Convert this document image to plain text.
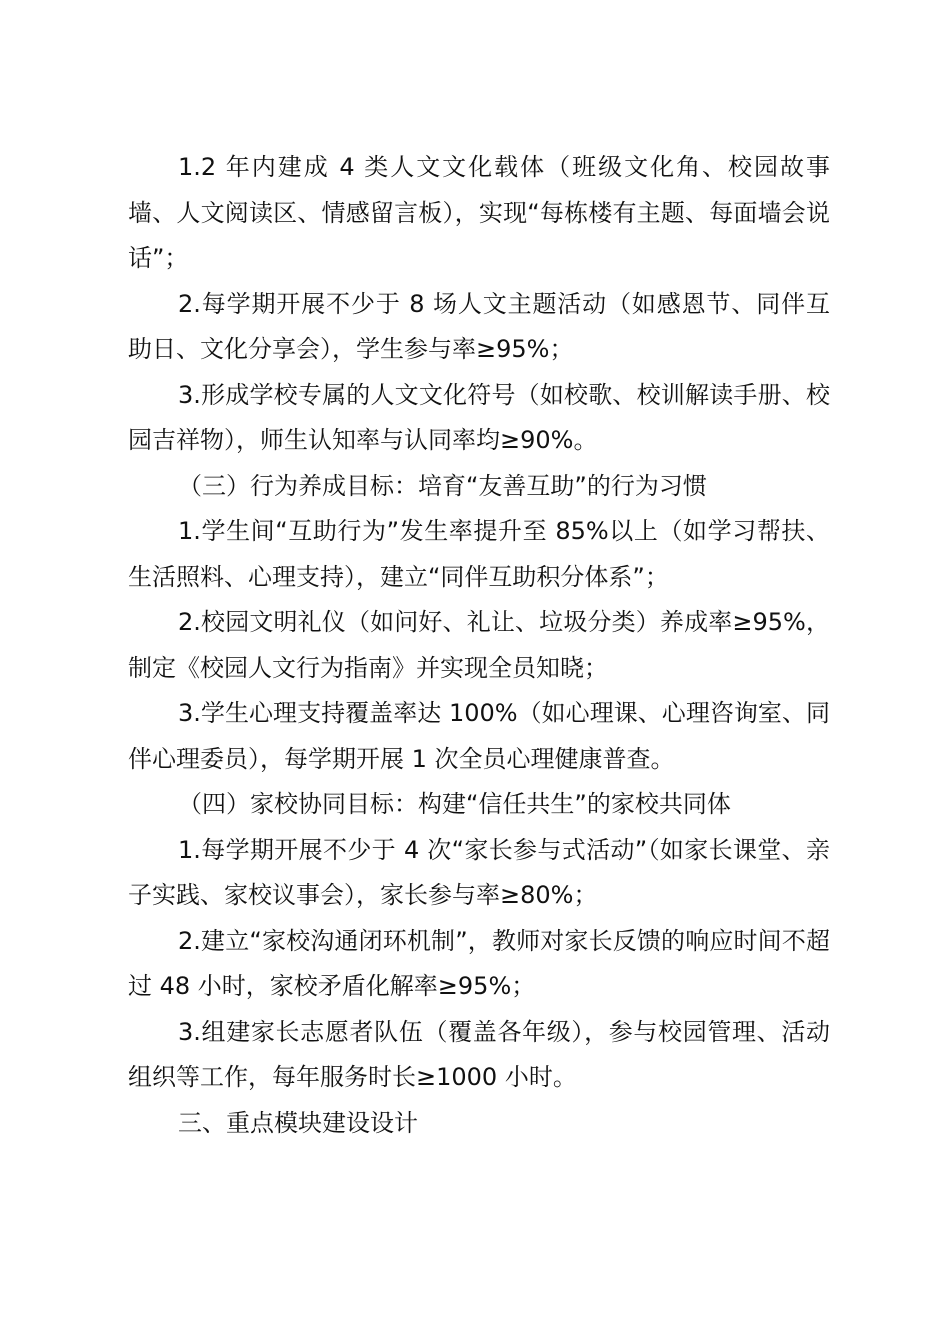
1.2 年内建成 4 类人文文化载体（班级文化角、校园故事墙、人文阅读区、情感留言板），实现“每栋楼有主题、每面墙会说话”；

2.每学期开展不少于 8 场人文主题活动（如感恩节、同伴互助日、文化分享会），学生参与率≥95%；

3.形成学校专属的人文文化符号（如校歌、校训解读手册、校园吉祥物），师生认知率与认同率均≥90%。

（三）行为养成目标：培育“友善互助”的行为习惯

1.学生间“互助行为”发生率提升至 85%以上（如学习帮扶、生活照料、心理支持），建立“同伴互助积分体系”；

2.校园文明礼仪（如问好、礼让、垃圾分类）养成率≥95%，制定《校园人文行为指南》并实现全员知晓；

3.学生心理支持覆盖率达 100%（如心理课、心理咨询室、同伴心理委员），每学期开展 1 次全员心理健康普查。

（四）家校协同目标：构建“信任共生”的家校共同体

1.每学期开展不少于 4 次“家长参与式活动”（如家长课堂、亲子实践、家校议事会），家长参与率≥80%；

2.建立“家校沟通闭环机制”，教师对家长反馈的响应时间不超过 48 小时，家校矛盾化解率≥95%；

3.组建家长志愿者队伍（覆盖各年级），参与校园管理、活动组织等工作，每年服务时长≥1000 小时。

三、重点模块建设设计
